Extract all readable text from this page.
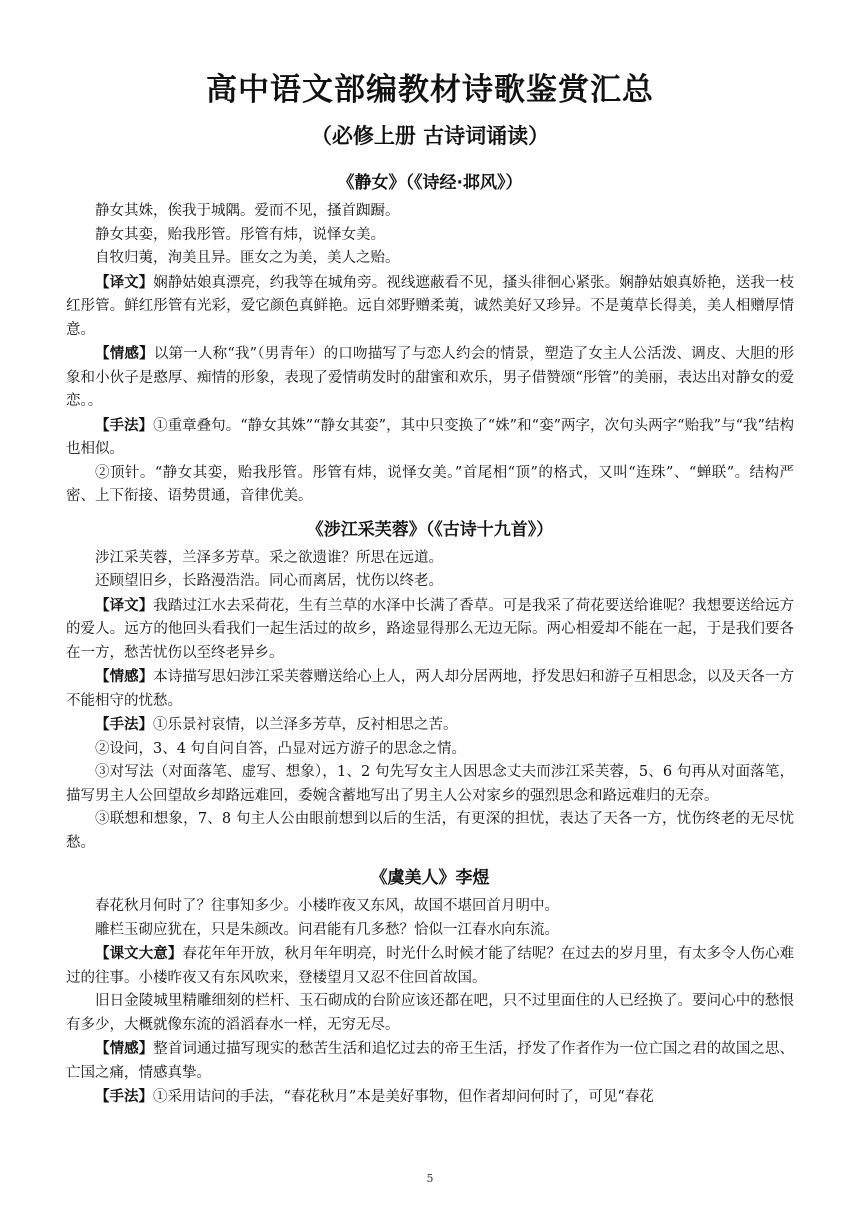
高中语文部编教材诗歌鉴赏汇总
（必修上册 古诗词诵读）
《静女》（《诗经·邶风》）

静女其姝，俟我于城隅。爱而不见，搔首踟蹰。

静女其娈，贻我彤管。彤管有炜，说怿女美。

自牧归荑，洵美且异。匪女之为美，美人之贻。

【译文】娴静姑娘真漂亮，约我等在城角旁。视线遮蔽看不见，搔头徘徊心紧张。娴静姑娘真娇艳，送我一枝红彤管。鲜红彤管有光彩，爱它颜色真鲜艳。远自郊野赠柔荑，诚然美好又珍异。不是荑草长得美，美人相赠厚情意。

【情感】以第一人称“我”（男青年）的口吻描写了与恋人约会的情景，塑造了女主人公活泼、调皮、大胆的形象和小伙子是憨厚、痴情的形象，表现了爱情萌发时的甜蜜和欢乐，男子借赞颂“彤管”的美丽，表达出对静女的爱恋。。

【手法】①重章叠句。“静女其姝”“静女其娈”，其中只变换了“姝”和“娈”两字，次句头两字“贻我”与“我”结构也相似。

②顶针。“静女其娈，贻我彤管。彤管有炜，说怿女美。”首尾相“顶”的格式，又叫“连珠”、“蝉联”。结构严密、上下衔接、语势贯通，音律优美。

《涉江采芙蓉》（《古诗十九首》）

涉江采芙蓉，兰泽多芳草。采之欲遗谁？所思在远道。

还顾望旧乡，长路漫浩浩。同心而离居，忧伤以终老。

【译文】我踏过江水去采荷花，生有兰草的水泽中长满了香草。可是我采了荷花要送给谁呢？我想要送给远方的爱人。远方的他回头看我们一起生活过的故乡，路途显得那么无边无际。两心相爱却不能在一起，于是我们要各在一方，愁苦忧伤以至终老异乡。

【情感】本诗描写思妇涉江采芙蓉赠送给心上人，两人却分居两地，抒发思妇和游子互相思念，以及天各一方不能相守的忧愁。

【手法】①乐景衬哀情，以兰泽多芳草，反衬相思之苦。

②设问，3、4 句自问自答，凸显对远方游子的思念之情。

③对写法（对面落笔、虚写、想象），1、2 句先写女主人因思念丈夫而涉江采芙蓉，5、6 句再从对面落笔，描写男主人公回望故乡却路远难回，委婉含蓄地写出了男主人公对家乡的强烈思念和路远难归的无奈。

③联想和想象，7、8 句主人公由眼前想到以后的生活，有更深的担忧，表达了天各一方，忧伤终老的无尽忧愁。

《虞美人》李煜

春花秋月何时了？往事知多少。小楼昨夜又东风，故国不堪回首月明中。

雕栏玉砌应犹在，只是朱颜改。问君能有几多愁？恰似一江春水向东流。

【课文大意】春花年年开放，秋月年年明亮，时光什么时候才能了结呢？在过去的岁月里，有太多令人伤心难过的往事。小楼昨夜又有东风吹来，登楼望月又忍不住回首故国。

旧日金陵城里精雕细刻的栏杆、玉石砌成的台阶应该还都在吧，只不过里面住的人已经换了。要问心中的愁恨有多少，大概就像东流的滔滔春水一样，无穷无尽。

【情感】整首词通过描写现实的愁苦生活和追忆过去的帝王生活，抒发了作者作为一位亡国之君的故国之思、亡国之痛，情感真挚。

【手法】①采用诘问的手法，“春花秋月”本是美好事物，但作者却问何时了，可见“春花

5
